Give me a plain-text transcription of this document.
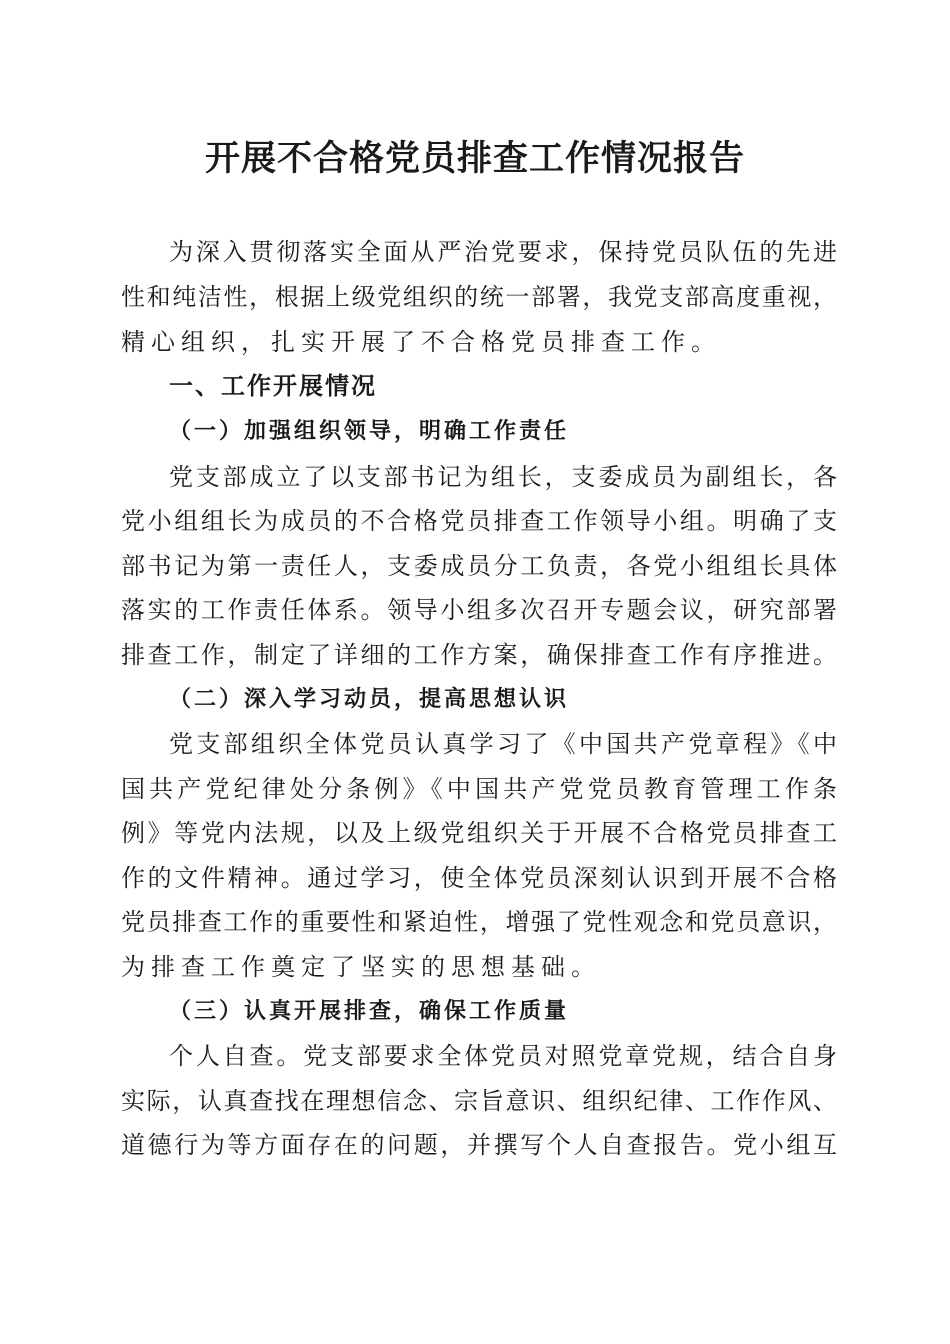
开展不合格党员排查工作情况报告
为深入贯彻落实全面从严治党要求，保持党员队伍的先进
性和纯洁性，根据上级党组织的统一部署，我党支部高度重视，
精心组织，扎实开展了不合格党员排查工作。
一、工作开展情况
（一）加强组织领导，明确工作责任
党支部成立了以支部书记为组长，支委成员为副组长，各
党小组组长为成员的不合格党员排查工作领导小组。明确了支
部书记为第一责任人，支委成员分工负责，各党小组组长具体
落实的工作责任体系。领导小组多次召开专题会议，研究部署
排查工作，制定了详细的工作方案，确保排查工作有序推进。
（二）深入学习动员，提高思想认识
党支部组织全体党员认真学习了《中国共产党章程》《中
国共产党纪律处分条例》《中国共产党党员教育管理工作条
例》等党内法规，以及上级党组织关于开展不合格党员排查工
作的文件精神。通过学习，使全体党员深刻认识到开展不合格
党员排查工作的重要性和紧迫性，增强了党性观念和党员意识，
为排查工作奠定了坚实的思想基础。
（三）认真开展排查，确保工作质量
个人自查。党支部要求全体党员对照党章党规，结合自身
实际，认真查找在理想信念、宗旨意识、组织纪律、工作作风、
道德行为等方面存在的问题，并撰写个人自查报告。党小组互
